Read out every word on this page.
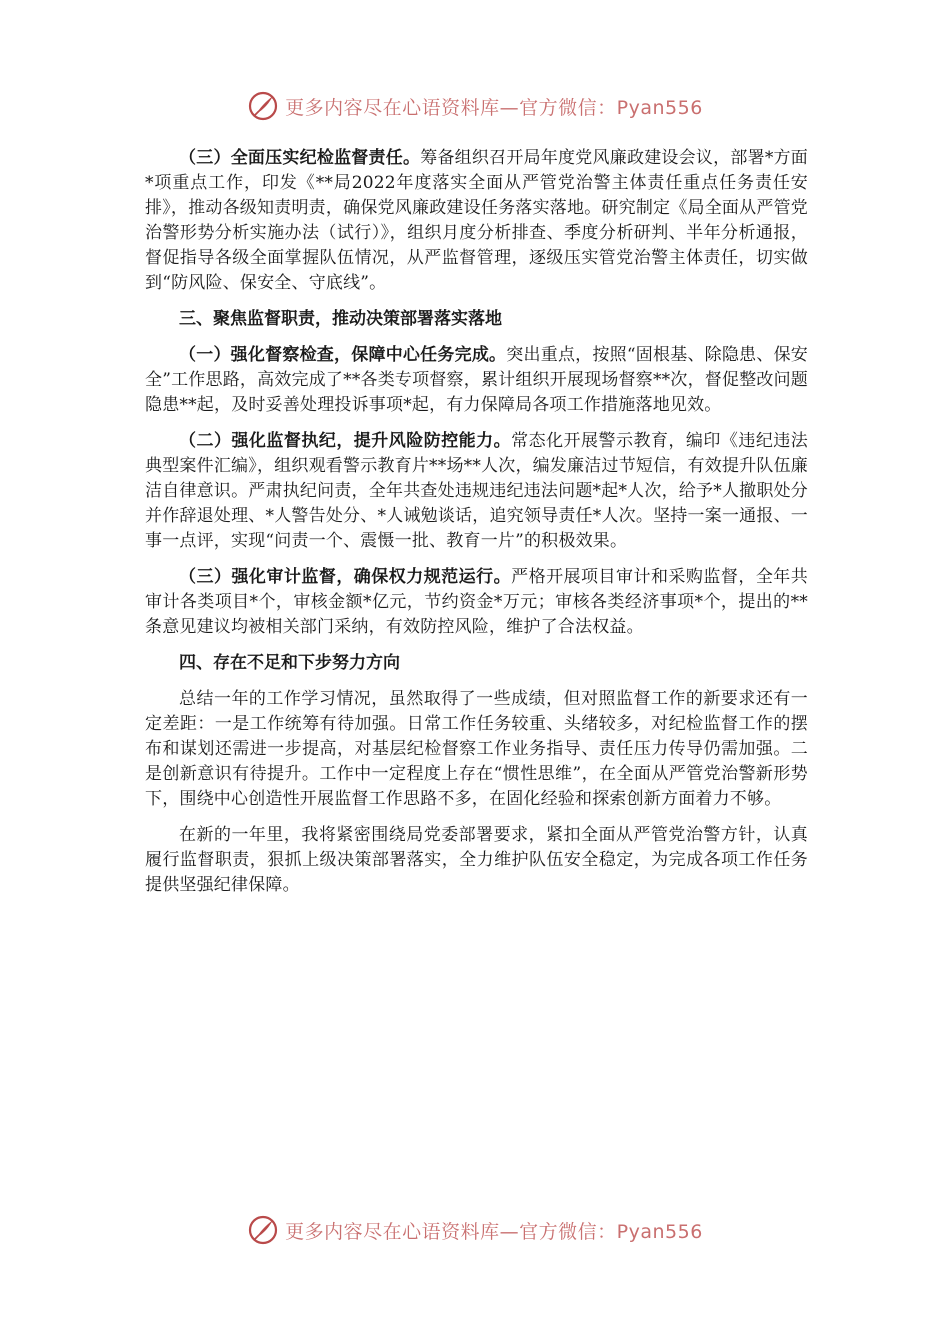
更多内容尽在心语资料库—官方微信：Pyan556

（三）全面压实纪检监督责任。筹备组织召开局年度党风廉政建设会议，部署*方面*项重点工作，印发《**局2022年度落实全面从严管党治警主体责任重点任务责任安排》，推动各级知责明责，确保党风廉政建设任务落实落地。研究制定《局全面从严管党治警形势分析实施办法（试行）》，组织月度分析排查、季度分析研判、半年分析通报，督促指导各级全面掌握队伍情况，从严监督管理，逐级压实管党治警主体责任，切实做到“防风险、保安全、守底线”。

三、聚焦监督职责，推动决策部署落实落地

（一）强化督察检查，保障中心任务完成。突出重点，按照“固根基、除隐患、保安全”工作思路，高效完成了**各类专项督察，累计组织开展现场督察**次，督促整改问题隐患**起，及时妥善处理投诉事项*起，有力保障局各项工作措施落地见效。

（二）强化监督执纪，提升风险防控能力。常态化开展警示教育，编印《违纪违法典型案件汇编》，组织观看警示教育片**场**人次，编发廉洁过节短信，有效提升队伍廉洁自律意识。严肃执纪问责，全年共查处违规违纪违法问题*起*人次，给予*人撤职处分并作辞退处理、*人警告处分、*人诫勉谈话，追究领导责任*人次。坚持一案一通报、一事一点评，实现“问责一个、震慑一批、教育一片”的积极效果。

（三）强化审计监督，确保权力规范运行。严格开展项目审计和采购监督，全年共审计各类项目*个，审核金额*亿元，节约资金*万元；审核各类经济事项*个，提出的**条意见建议均被相关部门采纳，有效防控风险，维护了合法权益。

四、存在不足和下步努力方向

总结一年的工作学习情况，虽然取得了一些成绩，但对照监督工作的新要求还有一定差距：一是工作统筹有待加强。日常工作任务较重、头绪较多，对纪检监督工作的摆布和谋划还需进一步提高，对基层纪检督察工作业务指导、责任压力传导仍需加强。二是创新意识有待提升。工作中一定程度上存在“惯性思维”，在全面从严管党治警新形势下，围绕中心创造性开展监督工作思路不多，在固化经验和探索创新方面着力不够。

在新的一年里，我将紧密围绕局党委部署要求，紧扣全面从严管党治警方针，认真履行监督职责，狠抓上级决策部署落实，全力维护队伍安全稳定，为完成各项工作任务提供坚强纪律保障。

更多内容尽在心语资料库—官方微信：Pyan556
